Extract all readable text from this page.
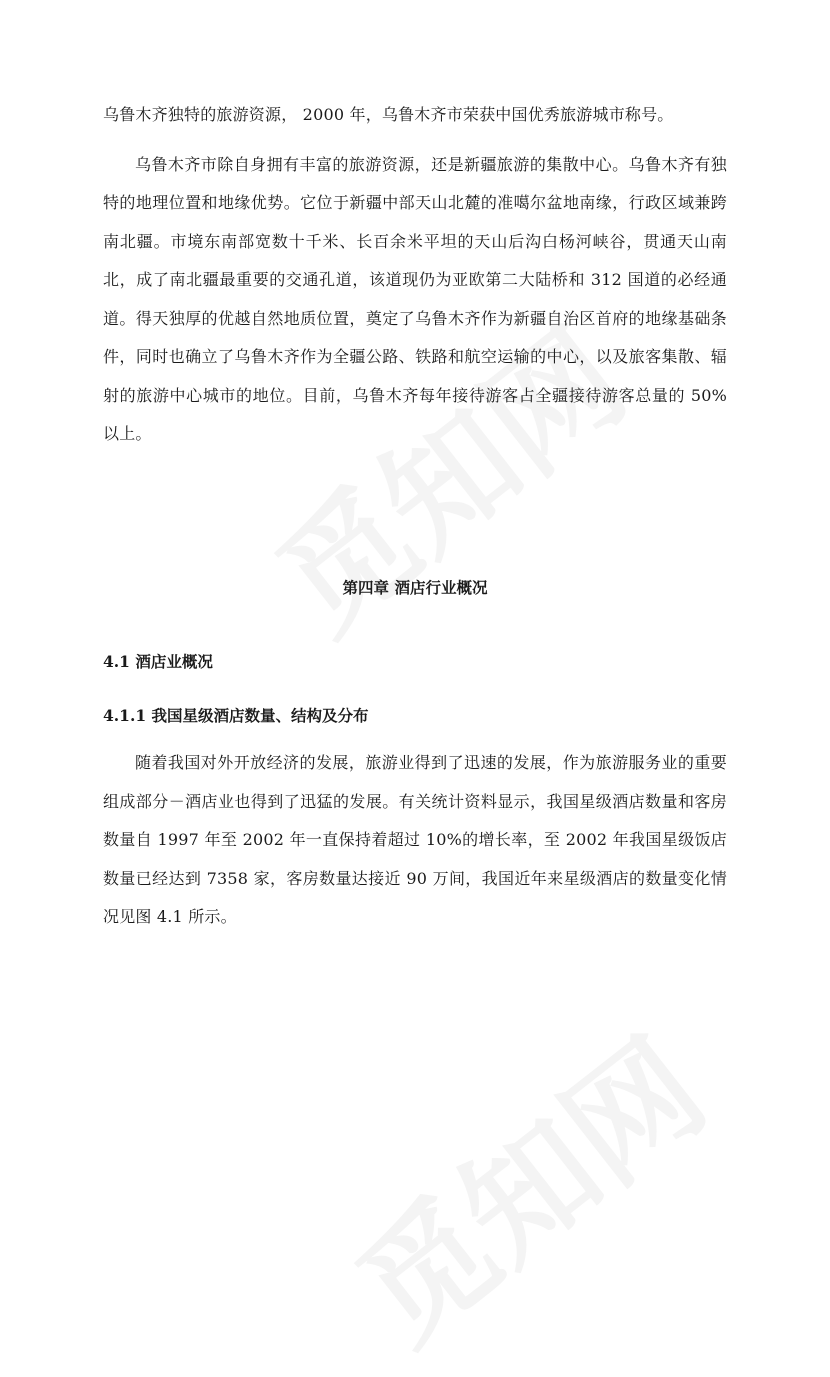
乌鲁木齐独特的旅游资源， 2000 年，乌鲁木齐市荣获中国优秀旅游城市称号。

乌鲁木齐市除自身拥有丰富的旅游资源，还是新疆旅游的集散中心。乌鲁木齐有独特的地理位置和地缘优势。它位于新疆中部天山北麓的准噶尔盆地南缘，行政区域兼跨南北疆。市境东南部宽数十千米、长百余米平坦的天山后沟白杨河峡谷，贯通天山南北，成了南北疆最重要的交通孔道，该道现仍为亚欧第二大陆桥和 312 国道的必经通道。得天独厚的优越自然地质位置，奠定了乌鲁木齐作为新疆自治区首府的地缘基础条件，同时也确立了乌鲁木齐作为全疆公路、铁路和航空运输的中心，以及旅客集散、辐射的旅游中心城市的地位。目前，乌鲁木齐每年接待游客占全疆接待游客总量的 50%以上。

第四章 酒店行业概况
4.1 酒店业概况
4.1.1 我国星级酒店数量、结构及分布

随着我国对外开放经济的发展，旅游业得到了迅速的发展，作为旅游服务业的重要组成部分－酒店业也得到了迅猛的发展。有关统计资料显示，我国星级酒店数量和客房数量自 1997 年至 2002 年一直保持着超过 10%的增长率，至 2002 年我国星级饭店数量已经达到 7358 家，客房数量达接近 90 万间，我国近年来星级酒店的数量变化情况见图 4.1 所示。
